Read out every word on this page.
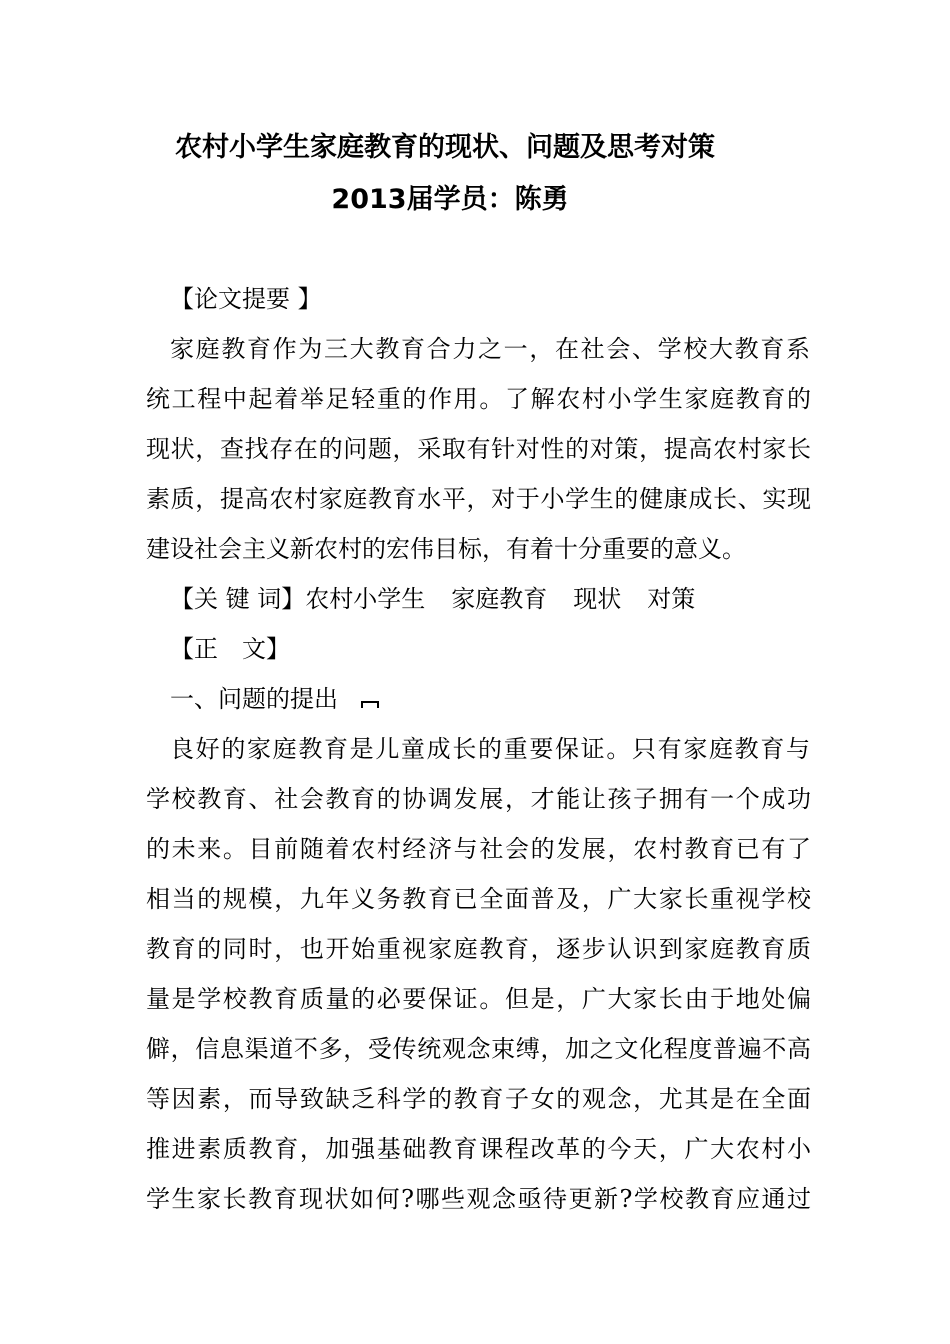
农村小学生家庭教育的现状、问题及思考对策
2013届学员：陈勇
【论文提要 】
家庭教育作为三大教育合力之一，在社会、学校大教育系
统工程中起着举足轻重的作用。了解农村小学生家庭教育的
现状，查找存在的问题，采取有针对性的对策，提高农村家长
素质，提高农村家庭教育水平，对于小学生的健康成长、实现
建设社会主义新农村的宏伟目标，有着十分重要的意义。
【关 键 词】农村小学生 家庭教育 现状 对策
【正　文】
一、问题的提出
良好的家庭教育是儿童成长的重要保证。只有家庭教育与
学校教育、社会教育的协调发展，才能让孩子拥有一个成功
的未来。目前随着农村经济与社会的发展，农村教育已有了
相当的规模，九年义务教育已全面普及，广大家长重视学校
教育的同时，也开始重视家庭教育，逐步认识到家庭教育质
量是学校教育质量的必要保证。但是，广大家长由于地处偏
僻，信息渠道不多，受传统观念束缚，加之文化程度普遍不高
等因素，而导致缺乏科学的教育子女的观念，尤其是在全面
推进素质教育，加强基础教育课程改革的今天，广大农村小
学生家长教育现状如何?哪些观念亟待更新?学校教育应通过
